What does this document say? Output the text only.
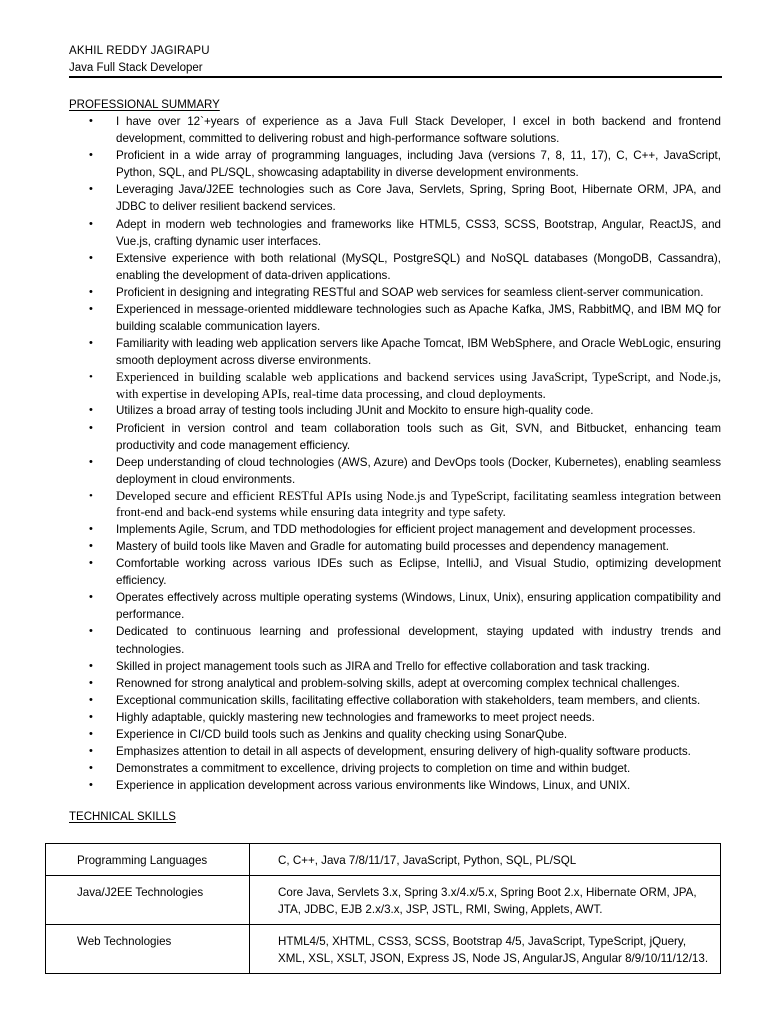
AKHIL REDDY JAGIRAPU
Java Full Stack Developer
PROFESSIONAL SUMMARY
• I have over 12`+years of experience as a Java Full Stack Developer, I excel in both backend and frontend development, committed to delivering robust and high-performance software solutions.
• Proficient in a wide array of programming languages, including Java (versions 7, 8, 11, 17), C, C++, JavaScript, Python, SQL, and PL/SQL, showcasing adaptability in diverse development environments.
• Leveraging Java/J2EE technologies such as Core Java, Servlets, Spring, Spring Boot, Hibernate ORM, JPA, and JDBC to deliver resilient backend services.
• Adept in modern web technologies and frameworks like HTML5, CSS3, SCSS, Bootstrap, Angular, ReactJS, and Vue.js, crafting dynamic user interfaces.
• Extensive experience with both relational (MySQL, PostgreSQL) and NoSQL databases (MongoDB, Cassandra), enabling the development of data-driven applications.
• Proficient in designing and integrating RESTful and SOAP web services for seamless client-server communication.
• Experienced in message-oriented middleware technologies such as Apache Kafka, JMS, RabbitMQ, and IBM MQ for building scalable communication layers.
• Familiarity with leading web application servers like Apache Tomcat, IBM WebSphere, and Oracle WebLogic, ensuring smooth deployment across diverse environments.
• Experienced in building scalable web applications and backend services using JavaScript, TypeScript, and Node.js, with expertise in developing APIs, real-time data processing, and cloud deployments.
• Utilizes a broad array of testing tools including JUnit and Mockito to ensure high-quality code.
• Proficient in version control and team collaboration tools such as Git, SVN, and Bitbucket, enhancing team productivity and code management efficiency.
• Deep understanding of cloud technologies (AWS, Azure) and DevOps tools (Docker, Kubernetes), enabling seamless deployment in cloud environments.
• Developed secure and efficient RESTful APIs using Node.js and TypeScript, facilitating seamless integration between front-end and back-end systems while ensuring data integrity and type safety.
• Implements Agile, Scrum, and TDD methodologies for efficient project management and development processes.
• Mastery of build tools like Maven and Gradle for automating build processes and dependency management.
• Comfortable working across various IDEs such as Eclipse, IntelliJ, and Visual Studio, optimizing development efficiency.
• Operates effectively across multiple operating systems (Windows, Linux, Unix), ensuring application compatibility and performance.
• Dedicated to continuous learning and professional development, staying updated with industry trends and technologies.
• Skilled in project management tools such as JIRA and Trello for effective collaboration and task tracking.
• Renowned for strong analytical and problem-solving skills, adept at overcoming complex technical challenges.
• Exceptional communication skills, facilitating effective collaboration with stakeholders, team members, and clients.
• Highly adaptable, quickly mastering new technologies and frameworks to meet project needs.
• Experience in CI/CD build tools such as Jenkins and quality checking using SonarQube.
• Emphasizes attention to detail in all aspects of development, ensuring delivery of high-quality software products.
• Demonstrates a commitment to excellence, driving projects to completion on time and within budget.
• Experience in application development across various environments like Windows, Linux, and UNIX.
TECHNICAL SKILLS
Programming Languages	C, C++, Java 7/8/11/17, JavaScript, Python, SQL, PL/SQL
Java/J2EE Technologies	Core Java, Servlets 3.x, Spring 3.x/4.x/5.x, Spring Boot 2.x, Hibernate ORM, JPA, JTA, JDBC, EJB 2.x/3.x, JSP, JSTL, RMI, Swing, Applets, AWT.
Web Technologies	HTML4/5, XHTML, CSS3, SCSS, Bootstrap 4/5, JavaScript, TypeScript, jQuery, XML, XSL, XSLT, JSON, Express JS, Node JS, AngularJS, Angular 8/9/10/11/12/13.
